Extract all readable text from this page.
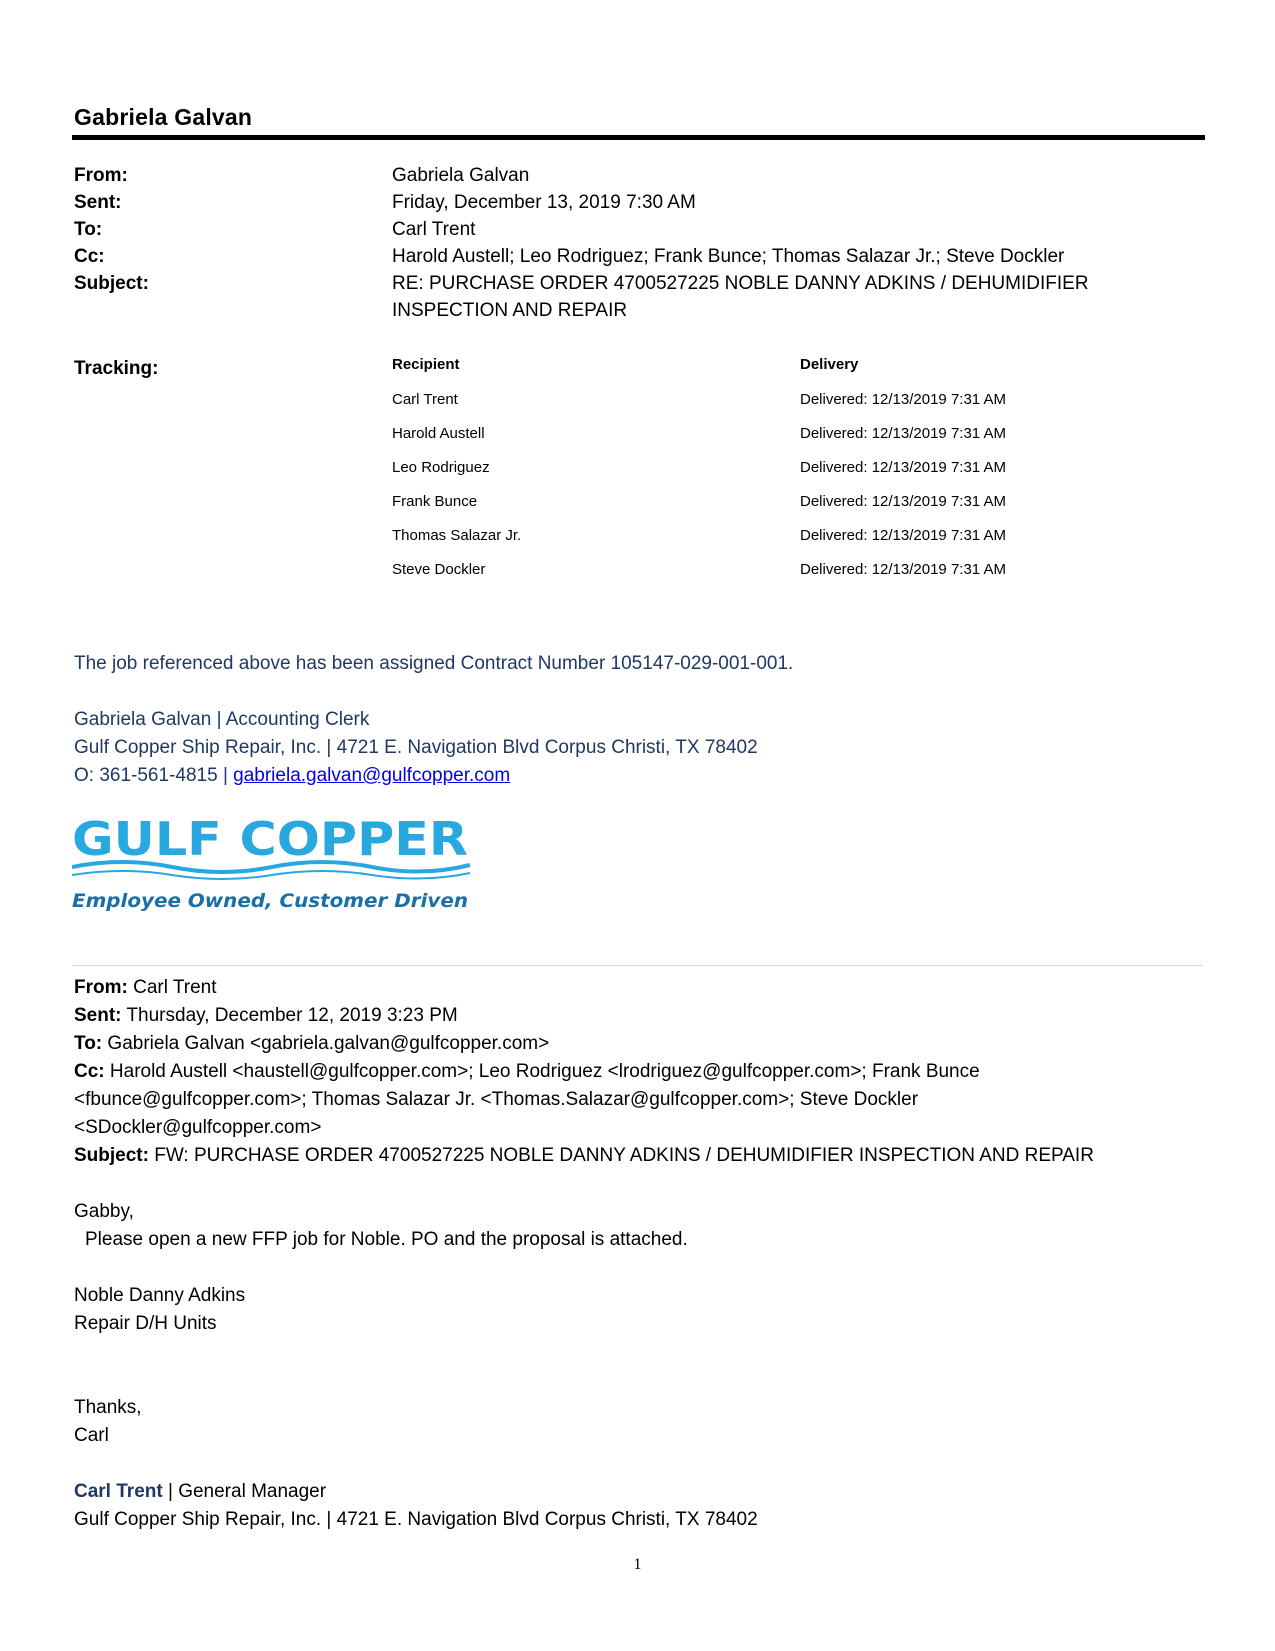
Gabriela Galvan
From:	Gabriela Galvan
Sent:	Friday, December 13, 2019 7:30 AM
To:	Carl Trent
Cc:	Harold Austell; Leo Rodriguez; Frank Bunce; Thomas Salazar Jr.; Steve Dockler
Subject:	RE: PURCHASE ORDER 4700527225 NOBLE DANNY ADKINS / DEHUMIDIFIER
INSPECTION AND REPAIR
Tracking:	Recipient	Delivery
Carl Trent	Delivered: 12/13/2019 7:31 AM
Harold Austell	Delivered: 12/13/2019 7:31 AM
Leo Rodriguez	Delivered: 12/13/2019 7:31 AM
Frank Bunce	Delivered: 12/13/2019 7:31 AM
Thomas Salazar Jr.	Delivered: 12/13/2019 7:31 AM
Steve Dockler	Delivered: 12/13/2019 7:31 AM
The job referenced above has been assigned Contract Number 105147-029-001-001.
Gabriela Galvan | Accounting Clerk
Gulf Copper Ship Repair, Inc. | 4721 E. Navigation Blvd Corpus Christi, TX 78402
O: 361-561-4815 | gabriela.galvan@gulfcopper.com
GULF COPPER
Employee Owned, Customer Driven
From: Carl Trent
Sent: Thursday, December 12, 2019 3:23 PM
To: Gabriela Galvan <gabriela.galvan@gulfcopper.com>
Cc: Harold Austell <haustell@gulfcopper.com>; Leo Rodriguez <lrodriguez@gulfcopper.com>; Frank Bunce
<fbunce@gulfcopper.com>; Thomas Salazar Jr. <Thomas.Salazar@gulfcopper.com>; Steve Dockler
<SDockler@gulfcopper.com>
Subject: FW: PURCHASE ORDER 4700527225 NOBLE DANNY ADKINS / DEHUMIDIFIER INSPECTION AND REPAIR
Gabby,
Please open a new FFP job for Noble. PO and the proposal is attached.
Noble Danny Adkins
Repair D/H Units
Thanks,
Carl
Carl Trent | General Manager
Gulf Copper Ship Repair, Inc. | 4721 E. Navigation Blvd Corpus Christi, TX 78402
1
